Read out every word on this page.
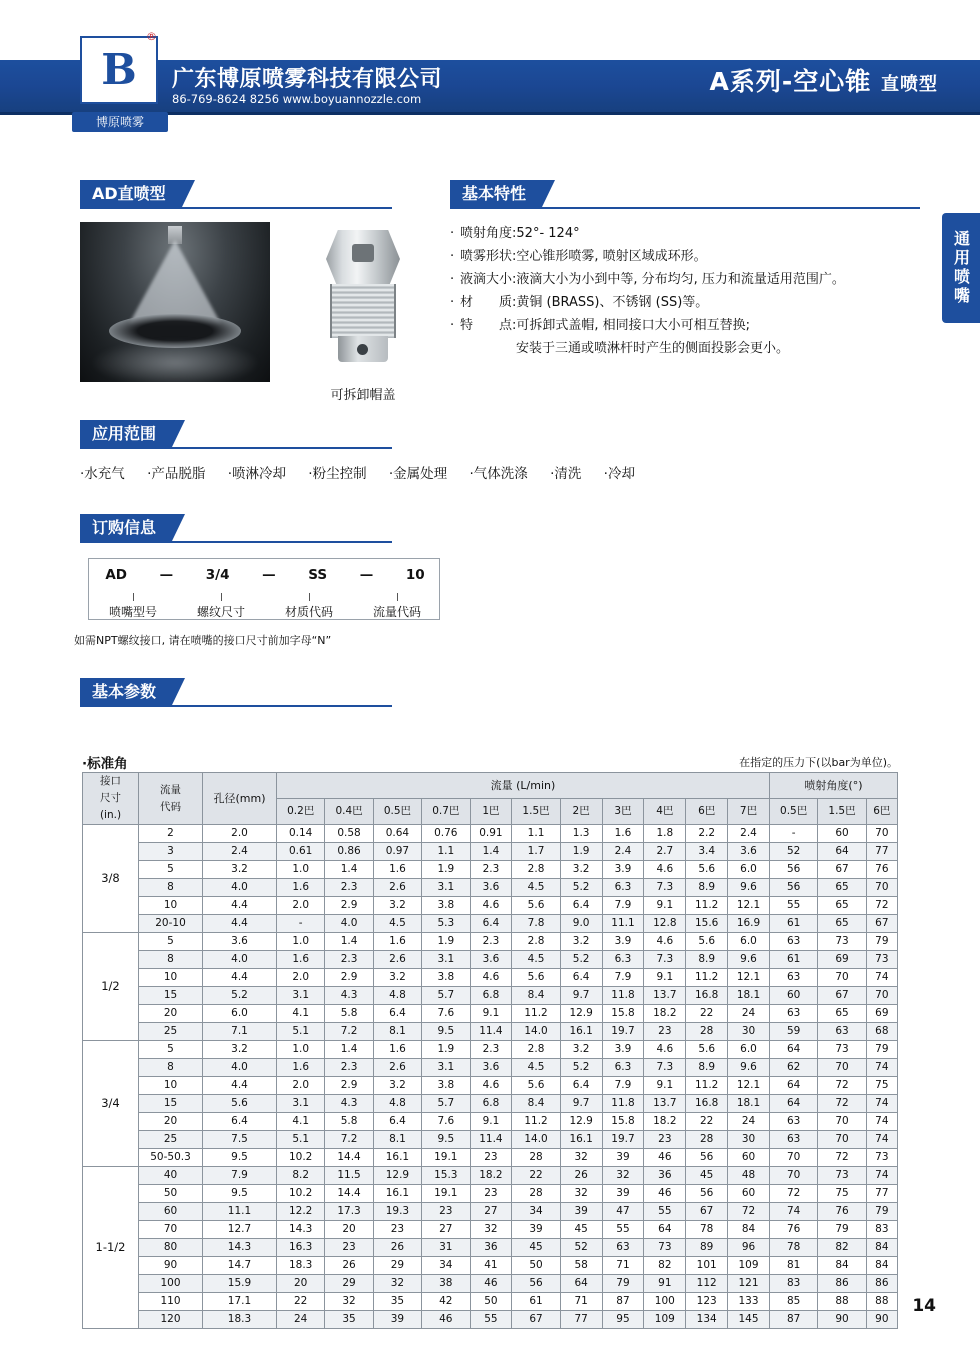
B
®
博原喷雾
广东博原喷雾科技有限公司
86-769-8624 8256 www.boyuannozzle.com
A系列-空心锥 直喷型
通用喷嘴
AD直喷型	基本特性
可拆卸帽盖
· 喷射角度 : 52°- 124°
· 喷雾形状 : 空心锥形喷雾, 喷射区域成环形。
· 液滴大小 : 液滴大小为小到中等, 分布均匀, 压力和流量适用范围广。
· 材　　质 : 黄铜 (BRASS)、不锈钢 (SS)等。
· 特　　点 : 可拆卸式盖帽, 相同接口大小可相互替换;
安装于三通或喷淋杆时产生的侧面投影会更小。
应用范围
·水充气 ·产品脱脂 ·喷淋冷却 ·粉尘控制 ·金属处理 ·气体洗涤 ·清洗 ·冷却
订购信息
AD — 3/4 — SS — 10
喷嘴型号	螺纹尺寸	材质代码	流量代码
如需NPT螺纹接口, 请在喷嘴的接口尺寸前加字母“N”
基本参数
·标准角	在指定的压力下(以bar为单位)。
接口
尺寸
(in.)

流量
代码
	孔径(mm)	流量 (L/min)	喷射角度(°)
			0.2巴	0.4巴	0.5巴	0.7巴	1巴	1.5巴	2巴	3巴	4巴	6巴	7巴	0.5巴	1.5巴	6巴
3/8	2	2.0	0.14	0.58	0.64	0.76	0.91	1.1	1.3	1.6	1.8	2.2	2.4	-	60	70
	3	2.4	0.61	0.86	0.97	1.1	1.4	1.7	1.9	2.4	2.7	3.4	3.6	52	64	77
	5	3.2	1.0	1.4	1.6	1.9	2.3	2.8	3.2	3.9	4.6	5.6	6.0	56	67	76
	8	4.0	1.6	2.3	2.6	3.1	3.6	4.5	5.2	6.3	7.3	8.9	9.6	56	65	70
	10	4.4	2.0	2.9	3.2	3.8	4.6	5.6	6.4	7.9	9.1	11.2	12.1	55	65	72
	20-10	4.4	-	4.0	4.5	5.3	6.4	7.8	9.0	11.1	12.8	15.6	16.9	61	65	67
1/2	5	3.6	1.0	1.4	1.6	1.9	2.3	2.8	3.2	3.9	4.6	5.6	6.0	63	73	79
	8	4.0	1.6	2.3	2.6	3.1	3.6	4.5	5.2	6.3	7.3	8.9	9.6	61	69	73
	10	4.4	2.0	2.9	3.2	3.8	4.6	5.6	6.4	7.9	9.1	11.2	12.1	63	70	74
	15	5.2	3.1	4.3	4.8	5.7	6.8	8.4	9.7	11.8	13.7	16.8	18.1	60	67	70
	20	6.0	4.1	5.8	6.4	7.6	9.1	11.2	12.9	15.8	18.2	22	24	63	65	69
	25	7.1	5.1	7.2	8.1	9.5	11.4	14.0	16.1	19.7	23	28	30	59	63	68
3/4	5	3.2	1.0	1.4	1.6	1.9	2.3	2.8	3.2	3.9	4.6	5.6	6.0	64	73	79
	8	4.0	1.6	2.3	2.6	3.1	3.6	4.5	5.2	6.3	7.3	8.9	9.6	62	70	74
	10	4.4	2.0	2.9	3.2	3.8	4.6	5.6	6.4	7.9	9.1	11.2	12.1	64	72	75
	15	5.6	3.1	4.3	4.8	5.7	6.8	8.4	9.7	11.8	13.7	16.8	18.1	64	72	74
	20	6.4	4.1	5.8	6.4	7.6	9.1	11.2	12.9	15.8	18.2	22	24	63	70	74
	25	7.5	5.1	7.2	8.1	9.5	11.4	14.0	16.1	19.7	23	28	30	63	70	74
	50-50.3	9.5	10.2	14.4	16.1	19.1	23	28	32	39	46	56	60	70	72	73
1-1/2	40	7.9	8.2	11.5	12.9	15.3	18.2	22	26	32	36	45	48	70	73	74
	50	9.5	10.2	14.4	16.1	19.1	23	28	32	39	46	56	60	72	75	77
	60	11.1	12.2	17.3	19.3	23	27	34	39	47	55	67	72	74	76	79
	70	12.7	14.3	20	23	27	32	39	45	55	64	78	84	76	79	83
	80	14.3	16.3	23	26	31	36	45	52	63	73	89	96	78	82	84
	90	14.7	18.3	26	29	34	41	50	58	71	82	101	109	81	84	84
	100	15.9	20	29	32	38	46	56	64	79	91	112	121	83	86	86
	110	17.1	22	32	35	42	50	61	71	87	100	123	133	85	88	88
	120	18.3	24	35	39	46	55	67	77	95	109	134	145	87	90	90
14
